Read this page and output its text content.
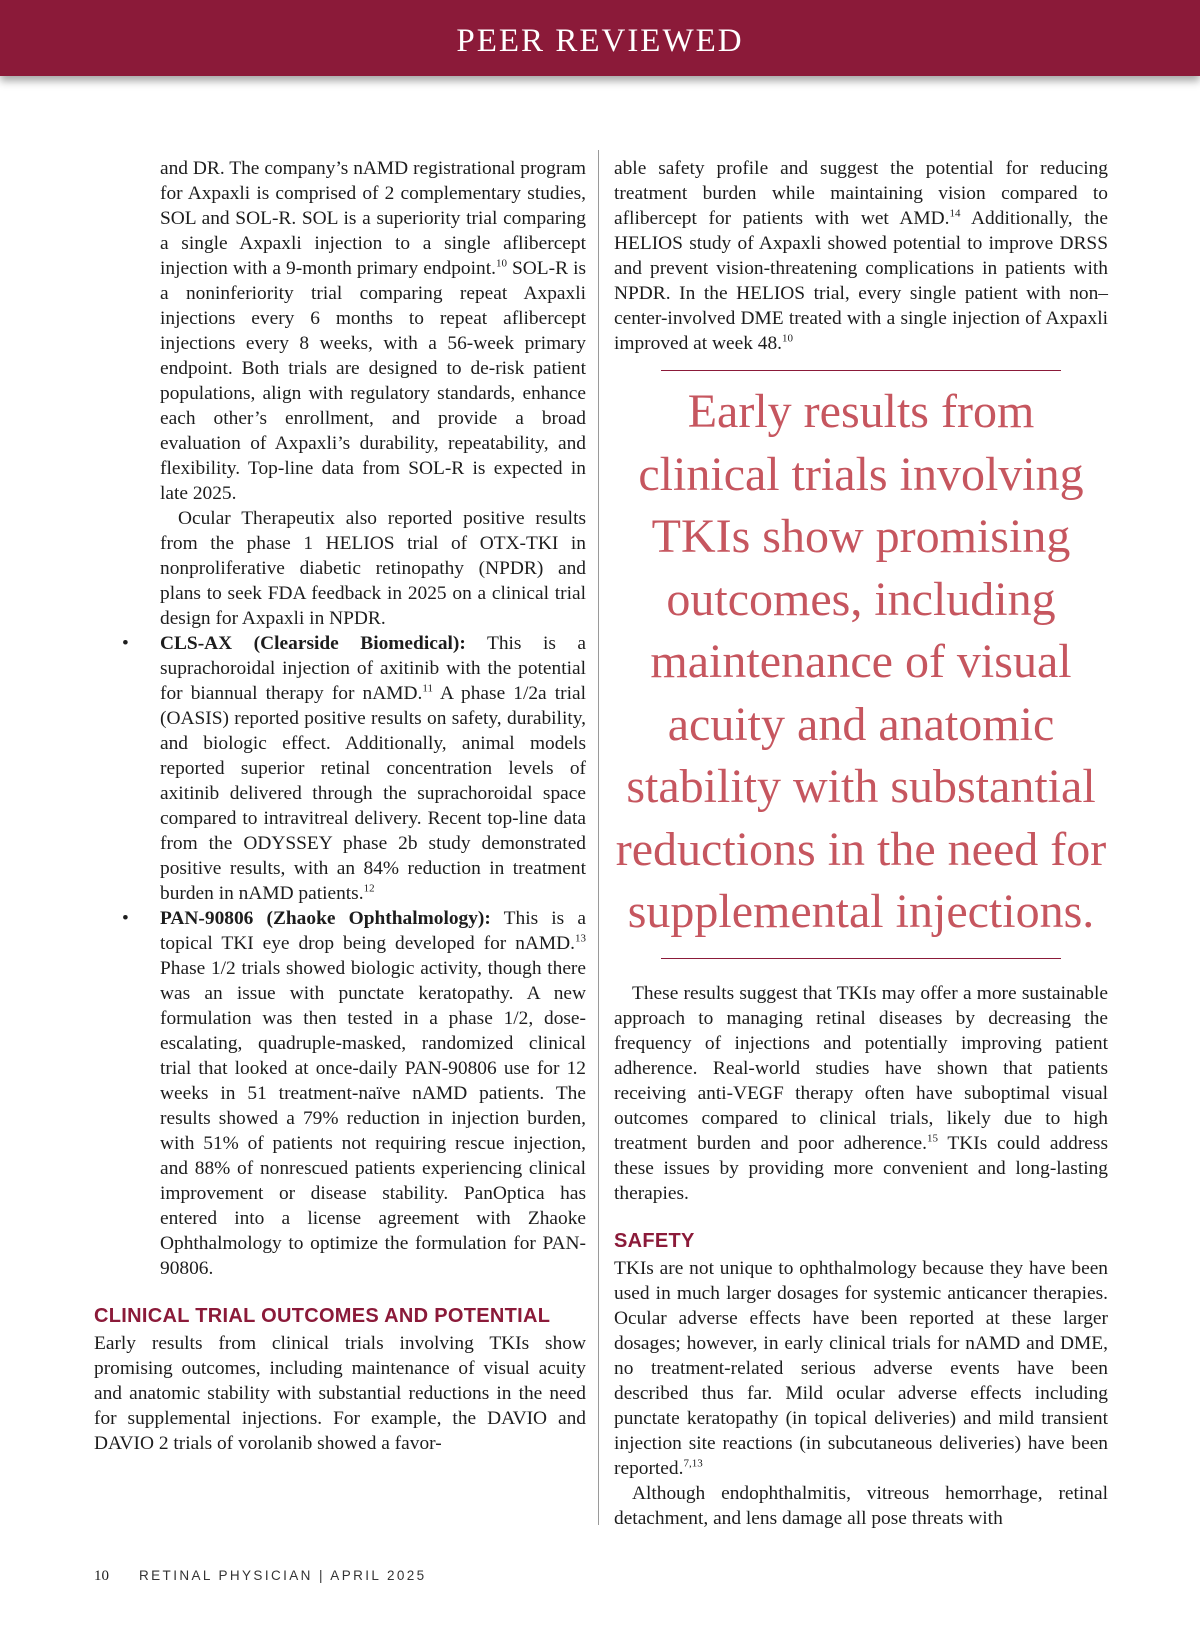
PEER REVIEWED

and DR. The company’s nAMD registrational program for Axpaxli is comprised of 2 complementary studies, SOL and SOL-R. SOL is a superiority trial comparing a single Axpaxli injection to a single aflibercept injection with a 9-month primary endpoint.$^{10}$ SOL-R is a noninferiority trial comparing repeat Axpaxli injections every 6 months to repeat aflibercept injections every 8 weeks, with a 56-week primary endpoint. Both trials are designed to de-risk patient populations, align with regulatory standards, enhance each other’s enrollment, and provide a broad evaluation of Axpaxli’s durability, repeatability, and flexibility. Top-line data from SOL-R is expected in late 2025.

Ocular Therapeutix also reported positive results from the phase 1 HELIOS trial of OTX-TKI in nonproliferative diabetic retinopathy (NPDR) and plans to seek FDA feedback in 2025 on a clinical trial design for Axpaxli in NPDR.

• CLS-AX (Clearside Biomedical): This is a suprachoroidal injection of axitinib with the potential for biannual therapy for nAMD.$^{11}$ A phase 1/2a trial (OASIS) reported positive results on safety, durability, and biologic effect. Additionally, animal models reported superior retinal concentration levels of axitinib delivered through the suprachoroidal space compared to intravitreal delivery. Recent top-line data from the ODYSSEY phase 2b study demonstrated positive results, with an 84% reduction in treatment burden in nAMD patients.$^{12}$
• PAN-90806 (Zhaoke Ophthalmology): This is a topical TKI eye drop being developed for nAMD.$^{13}$ Phase 1/2 trials showed biologic activity, though there was an issue with punctate keratopathy. A new formulation was then tested in a phase 1/2, dose-escalating, quadruple-masked, randomized clinical trial that looked at once-daily PAN-90806 use for 12 weeks in 51 treatment-naïve nAMD patients. The results showed a 79% reduction in injection burden, with 51% of patients not requiring rescue injection, and 88% of nonrescued patients experiencing clinical improvement or disease stability. PanOptica has entered into a license agreement with Zhaoke Ophthalmology to optimize the formulation for PAN-90806.
CLINICAL TRIAL OUTCOMES AND POTENTIAL

Early results from clinical trials involving TKIs show promising outcomes, including maintenance of visual acuity and anatomic stability with substantial reductions in the need for supplemental injections. For example, the DAVIO and DAVIO 2 trials of vorolanib showed a favor-

able safety profile and suggest the potential for reducing treatment burden while maintaining vision compared to aflibercept for patients with wet AMD.$^{14}$ Additionally, the HELIOS study of Axpaxli showed potential to improve DRSS and prevent vision-threatening complications in patients with NPDR. In the HELIOS trial, every single patient with non–center-involved DME treated with a single injection of Axpaxli improved at week 48.10

Early results from clinical trials involving TKIs show promising outcomes, including maintenance of visual acuity and anatomic stability with substantial reductions in the need for supplemental injections.

These results suggest that TKIs may offer a more sustainable approach to managing retinal diseases by decreasing the frequency of injections and potentially improving patient adherence. Real-world studies have shown that patients receiving anti-VEGF therapy often have suboptimal visual outcomes compared to clinical trials, likely due to high treatment burden and poor adherence.$^{15}$ TKIs could address these issues by providing more convenient and long-lasting therapies.

SAFETY

TKIs are not unique to ophthalmology because they have been used in much larger dosages for systemic anticancer therapies. Ocular adverse effects have been reported at these larger dosages; however, in early clinical trials for nAMD and DME, no treatment-related serious adverse events have been described thus far. Mild ocular adverse effects including punctate keratopathy (in topical deliveries) and mild transient injection site reactions (in subcutaneous deliveries) have been reported.$^{7,13}$

Although endophthalmitis, vitreous hemorrhage, retinal detachment, and lens damage all pose threats with

10 RETINAL PHYSICIAN | APRIL 2025
